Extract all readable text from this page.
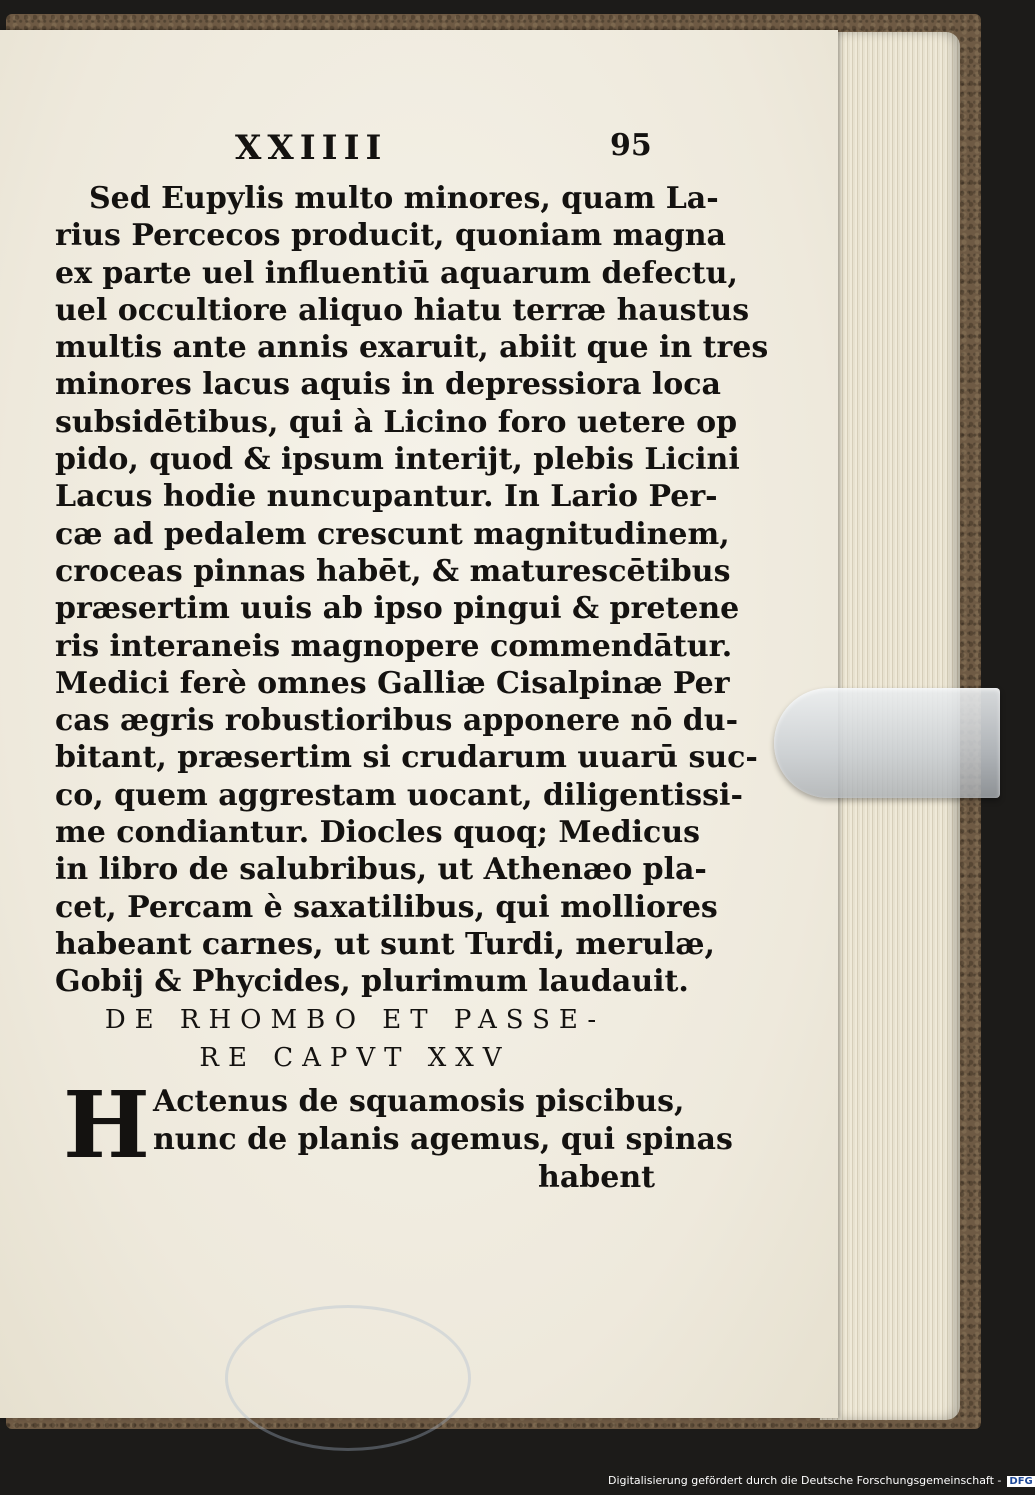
XXIIII	95
Sed Eupylis multo minores, quam La-
rius Percecos producit, quoniam magna
ex parte uel influentiū aquarum defectu,
uel occultiore aliquo hiatu terræ haustus
multis ante annis exaruit, abiit que in tres
minores lacus aquis in depressiora loca
subsidētibus, qui à Licino foro uetere op
pido, quod & ipsum interijt, plebis Licini
Lacus hodie nuncupantur. In Lario Per-
cæ ad pedalem crescunt magnitudinem,
croceas pinnas habēt, & maturescētibus
præsertim uuis ab ipso pingui & pretene
ris interaneis magnopere commendātur.
Medici ferè omnes Galliæ Cisalpinæ Per
cas ægris robustioribus apponere nō du-
bitant, præsertim si crudarum uuarū suc-
co, quem aggrestam uocant, diligentissi-
me condiantur. Diocles quoq; Medicus
in libro de salubribus, ut Athenæo pla-
cet, Percam è saxatilibus, qui molliores
habeant carnes, ut sunt Turdi, merulæ,
Gobij & Phycides, plurimum laudauit.
DE RHOMBO ET PASSE-
RE CAPVT XXV
H Actenus de squamosis piscibus,
nunc de planis agemus, qui spinas
habent
Digitalisierung gefördert durch die Deutsche Forschungsgemeinschaft - DFG
